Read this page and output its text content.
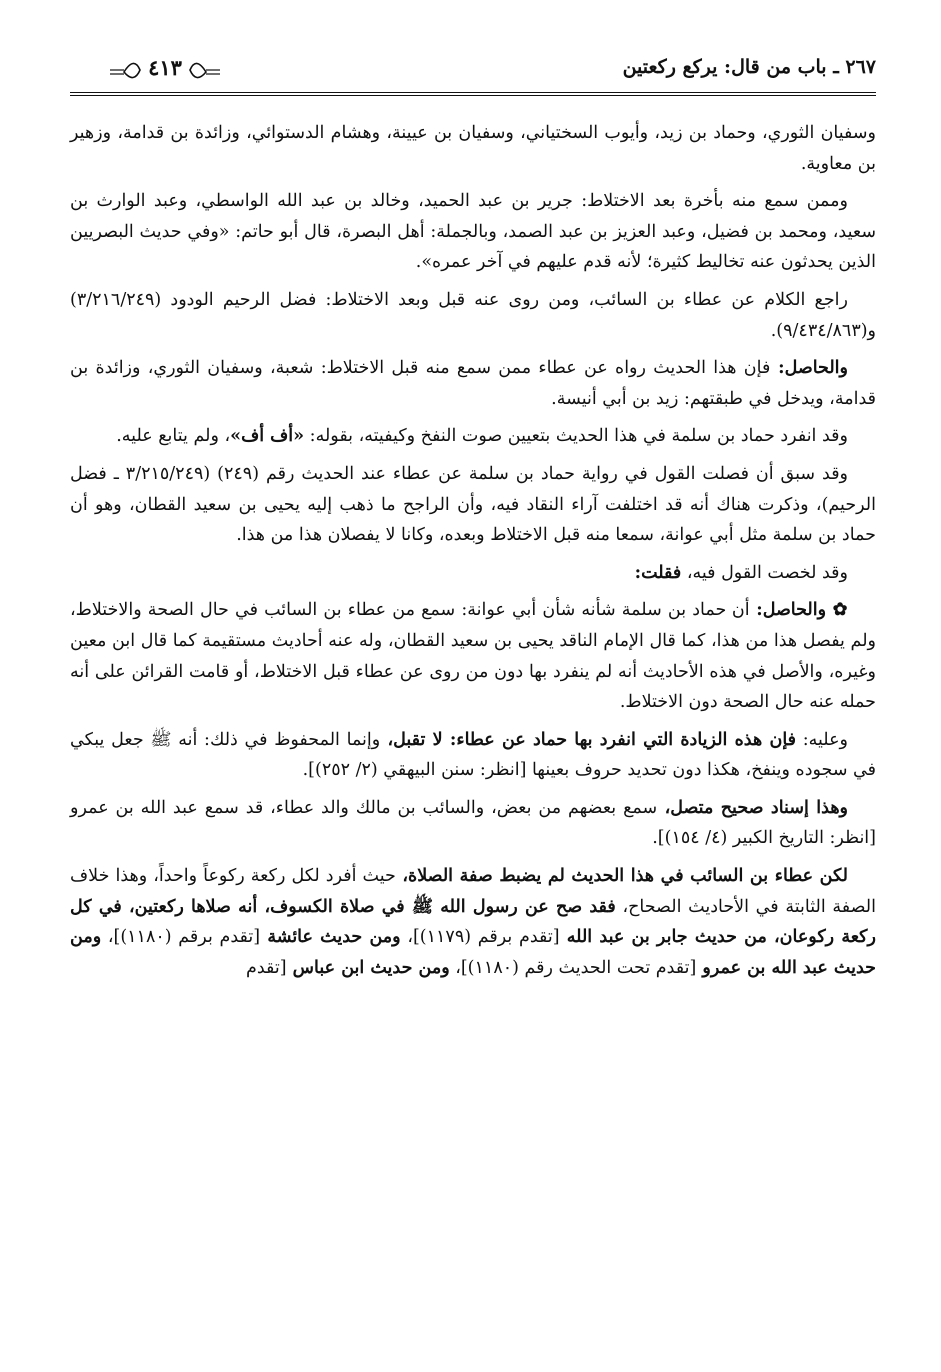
٢٦٧ ـ باب من قال: يركع ركعتين
٤١٣

وسفيان الثوري، وحماد بن زيد، وأيوب السختياني، وسفيان بن عيينة، وهشام الدستوائي، وزائدة بن قدامة، وزهير بن معاوية.

وممن سمع منه بأخرة بعد الاختلاط: جرير بن عبد الحميد، وخالد بن عبد الله الواسطي، وعبد الوارث بن سعيد، ومحمد بن فضيل، وعبد العزيز بن عبد الصمد، وبالجملة: أهل البصرة، قال أبو حاتم: «وفي حديث البصريين الذين يحدثون عنه تخاليط كثيرة؛ لأنه قدم عليهم في آخر عمره».

راجع الكلام عن عطاء بن السائب، ومن روى عنه قبل وبعد الاختلاط: فضل الرحيم الودود (٣/٢١٦/٢٤٩) و(٩/٤٣٤/٨٦٣).

والحاصل: فإن هذا الحديث رواه عن عطاء ممن سمع منه قبل الاختلاط: شعبة، وسفيان الثوري، وزائدة بن قدامة، ويدخل في طبقتهم: زيد بن أبي أنيسة.

وقد انفرد حماد بن سلمة في هذا الحديث بتعيين صوت النفخ وكيفيته، بقوله: «أف أف»، ولم يتابع عليه.

وقد سبق أن فصلت القول في رواية حماد بن سلمة عن عطاء عند الحديث رقم (٢٤٩) (٣/٢١٥/٢٤٩ ـ فضل الرحيم)، وذكرت هناك أنه قد اختلفت آراء النقاد فيه، وأن الراجح ما ذهب إليه يحيى بن سعيد القطان، وهو أن حماد بن سلمة مثل أبي عوانة، سمعا منه قبل الاختلاط وبعده، وكانا لا يفصلان هذا من هذا.

وقد لخصت القول فيه، فقلت:

✿ والحاصل: أن حماد بن سلمة شأنه شأن أبي عوانة: سمع من عطاء بن السائب في حال الصحة والاختلاط، ولم يفصل هذا من هذا، كما قال الإمام الناقد يحيى بن سعيد القطان، وله عنه أحاديث مستقيمة كما قال ابن معين وغيره، والأصل في هذه الأحاديث أنه لم ينفرد بها دون من روى عن عطاء قبل الاختلاط، أو قامت القرائن على أنه حمله عنه حال الصحة دون الاختلاط.

وعليه: فإن هذه الزيادة التي انفرد بها حماد عن عطاء: لا تقبل، وإنما المحفوظ في ذلك: أنه ﷺ جعل يبكي في سجوده وينفخ، هكذا دون تحديد حروف بعينها [انظر: سنن البيهقي (٢/ ٢٥٢)].

وهذا إسناد صحيح متصل، سمع بعضهم من بعض، والسائب بن مالك والد عطاء، قد سمع عبد الله بن عمرو [انظر: التاريخ الكبير (٤/ ١٥٤)].

لكن عطاء بن السائب في هذا الحديث لم يضبط صفة الصلاة، حيث أفرد لكل ركعة ركوعاً واحداً، وهذا خلاف الصفة الثابتة في الأحاديث الصحاح، فقد صح عن رسول الله ﷺ في صلاة الكسوف، أنه صلاها ركعتين، في كل ركعة ركوعان، من حديث جابر بن عبد الله [تقدم برقم (١١٧٩)]، ومن حديث عائشة [تقدم برقم (١١٨٠)]، ومن حديث عبد الله بن عمرو [تقدم تحت الحديث رقم (١١٨٠)]، ومن حديث ابن عباس [تقدم
